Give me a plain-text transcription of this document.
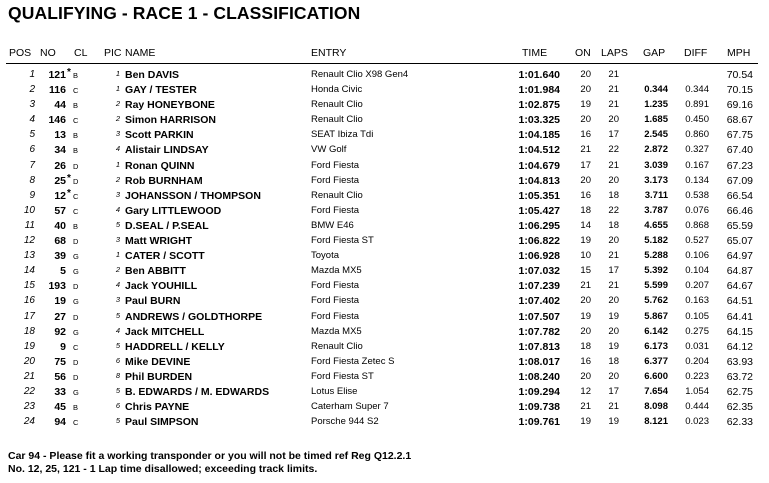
QUALIFYING - RACE 1 - CLASSIFICATION
POS NO CL PIC NAME	ENTRY	TIME	ON LAPS GAP DIFF MPH
1 121 * B	1 Ben DAVIS	Renault Clio X98 Gen4	1:01.640 20 21	70.54
2 116 C	1 GAY / TESTER	Honda Civic	1:01.984 20 21	0.344 0.344 70.15
3 44 B	2 Ray HONEYBONE	Renault Clio	1:02.875 19 21	1.235 0.891 69.16
4 146 C	2 Simon HARRISON	Renault Clio	1:03.325 20 20	1.685 0.450 68.67
5 13 B	3 Scott PARKIN	SEAT Ibiza Tdi	1:04.185 16 17	2.545 0.860 67.75
6 34 B	4 Alistair LINDSAY	VW Golf	1:04.512 21 22	2.872 0.327 67.40
7 26 D	1 Ronan QUINN	Ford Fiesta	1:04.679 17 21	3.039 0.167 67.23
8 25 * D	2 Rob BURNHAM	Ford Fiesta	1:04.813 20 20	3.173 0.134 67.09
9 12 * C	3 JOHANSSON / THOMPSON	Renault Clio	1:05.351 16 18	3.711 0.538 66.54
10 57 C	4 Gary LITTLEWOOD	Ford Fiesta	1:05.427 18 22	3.787 0.076 66.46
11 40 B	5 D.SEAL / P.SEAL	BMW E46	1:06.295 14 18	4.655 0.868 65.59
12 68 D	3 Matt WRIGHT	Ford Fiesta ST	1:06.822 19 20	5.182 0.527 65.07
13 39 G	1 CATER / SCOTT	Toyota	1:06.928 10 21	5.288 0.106 64.97
14 5 G	2 Ben ABBITT	Mazda MX5	1:07.032 15 17	5.392 0.104 64.87
15 193 D	4 Jack YOUHILL	Ford Fiesta	1:07.239 21 21	5.599 0.207 64.67
16 19 G	3 Paul BURN	Ford Fiesta	1:07.402 20 20	5.762 0.163 64.51
17 27 D	5 ANDREWS / GOLDTHORPE	Ford Fiesta	1:07.507 19 19	5.867 0.105 64.41
18 92 G	4 Jack MITCHELL	Mazda MX5	1:07.782 20 20	6.142 0.275 64.15
19 9 C	5 HADDRELL / KELLY	Renault Clio	1:07.813 18 19	6.173 0.031 64.12
20 75 D	6 Mike DEVINE	Ford Fiesta Zetec S	1:08.017 16 18	6.377 0.204 63.93
21 56 D	8 Phil BURDEN	Ford Fiesta ST	1:08.240 20 20	6.600 0.223 63.72
22 33 G	5 B. EDWARDS / M. EDWARDS	Lotus Elise	1:09.294 12 17	7.654 1.054 62.75
23 45 B	6 Chris PAYNE	Caterham Super 7	1:09.738 21 21	8.098 0.444 62.35
24 94 C	5 Paul SIMPSON	Porsche 944 S2	1:09.761 19 19	8.121 0.023 62.33
Car 94 - Please fit a working transponder or you will not be timed ref Reg Q12.2.1
No. 12, 25, 121 - 1 Lap time disallowed; exceeding track limits.
